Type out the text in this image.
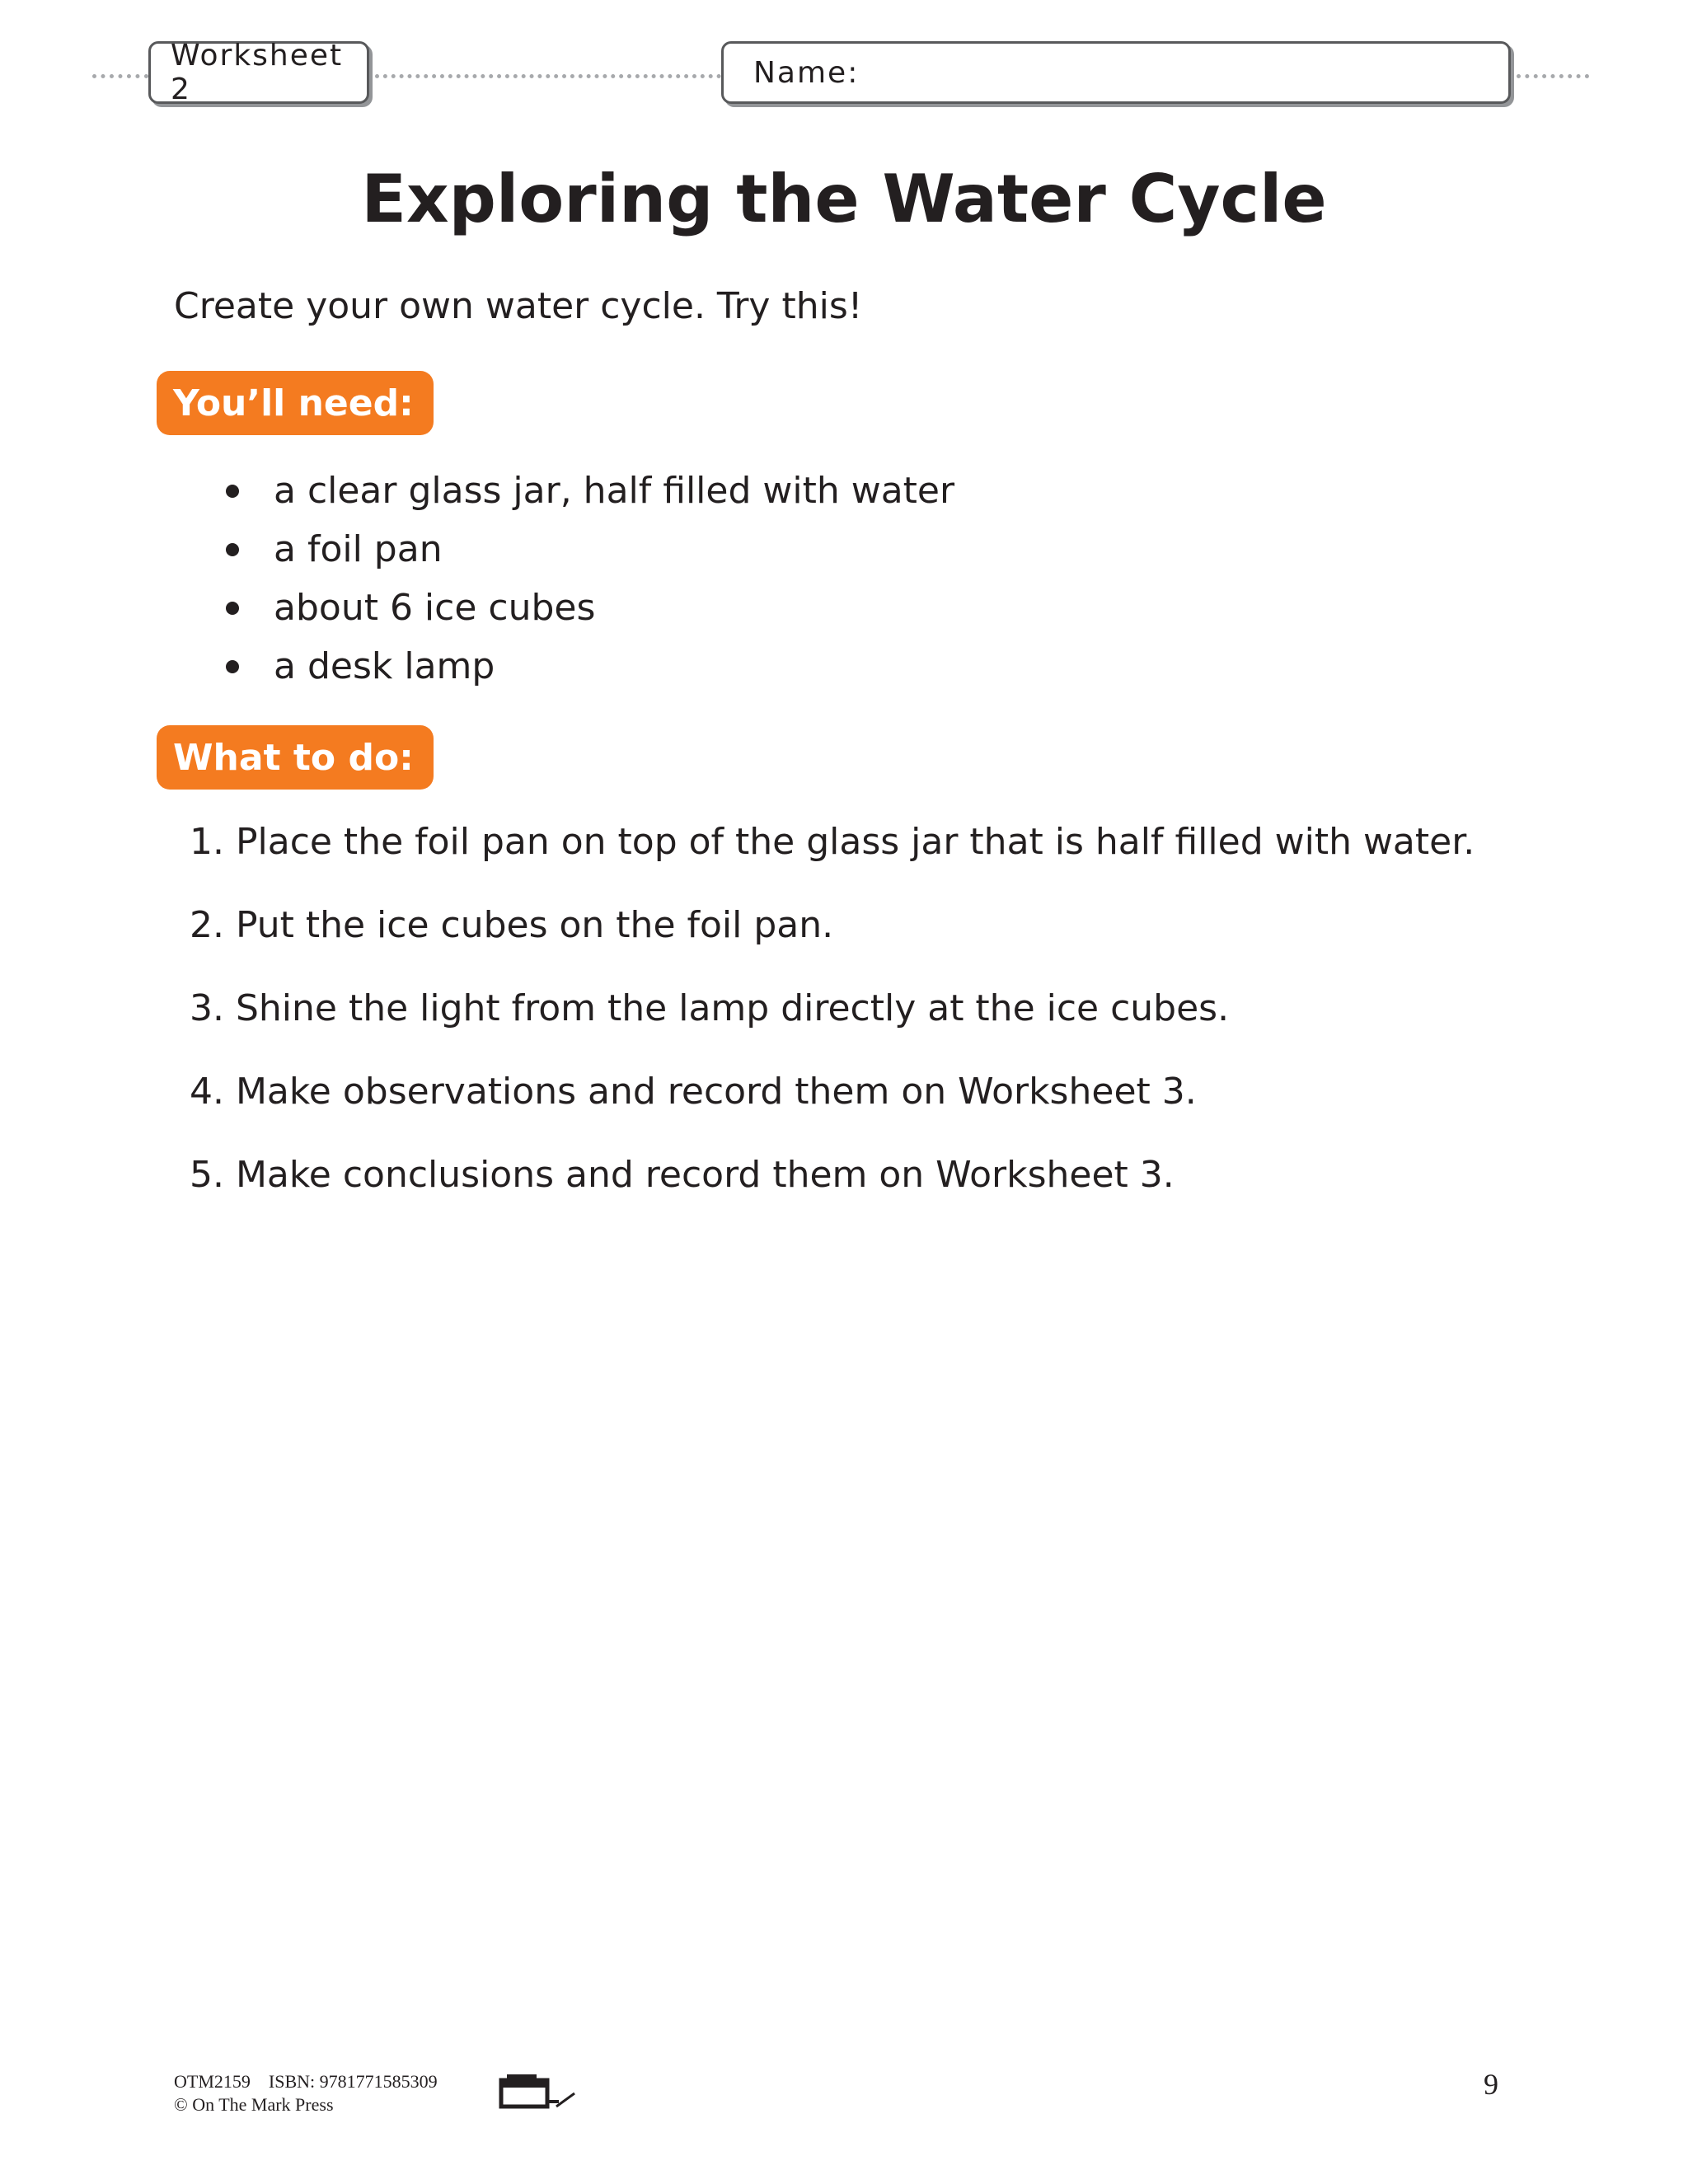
Worksheet 2	Name:
Exploring the Water Cycle

Create your own water cycle. Try this!

You’ll need:
a clear glass jar, half filled with water
a foil pan
about 6 ice cubes
a desk lamp
What to do:
1. Place the foil pan on top of the glass jar that is half filled with water.
2. Put the ice cubes on the foil pan.
3. Shine the light from the lamp directly at the ice cubes.
4. Make observations and record them on Worksheet 3.
5. Make conclusions and record them on Worksheet 3.
OTM2159 ISBN: 9781771585309
© On The Mark Press
9
